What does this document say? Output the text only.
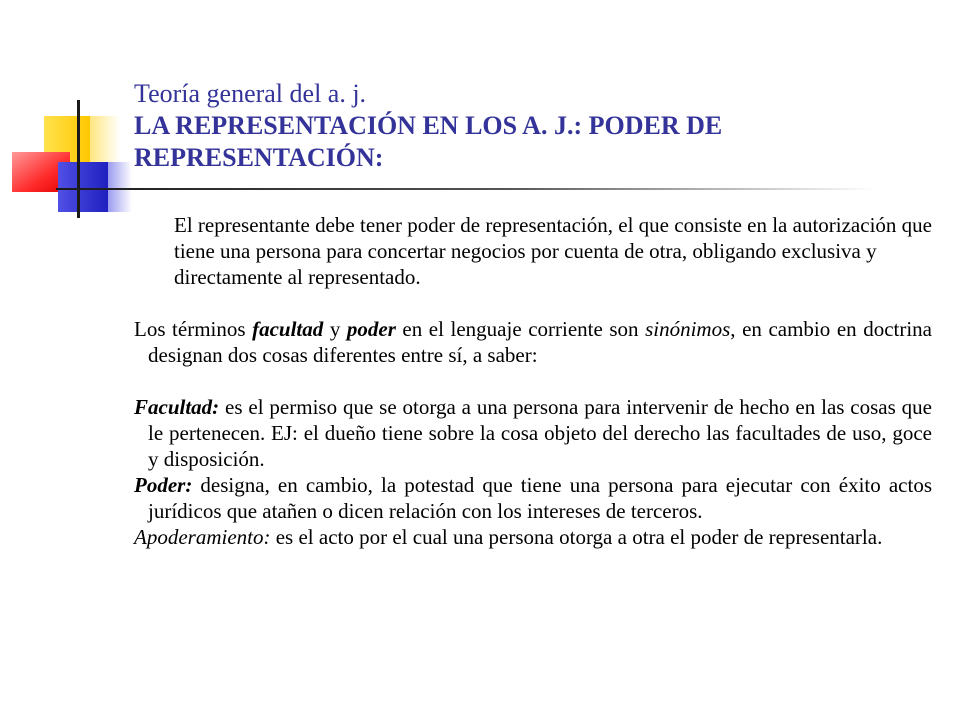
Teoría general del a. j.
LA REPRESENTACIÓN EN LOS A. J.: PODER DE REPRESENTACIÓN:

El representante debe tener poder de representación, el que consiste en la autorización que tiene una persona para concertar negocios por cuenta de otra, obligando exclusiva y directamente al representado.

Los términos facultad y poder en el lenguaje corriente son sinónimos, en cambio en doctrina designan dos cosas diferentes entre sí, a saber:

Facultad: es el permiso que se otorga a una persona para intervenir de hecho en las cosas que le pertenecen. EJ: el dueño tiene sobre la cosa objeto del derecho las facultades de uso, goce y disposición.

Poder: designa, en cambio, la potestad que tiene una persona para ejecutar con éxito actos jurídicos que atañen o dicen relación con los intereses de terceros.

Apoderamiento: es el acto por el cual una persona otorga a otra el poder de representarla.
